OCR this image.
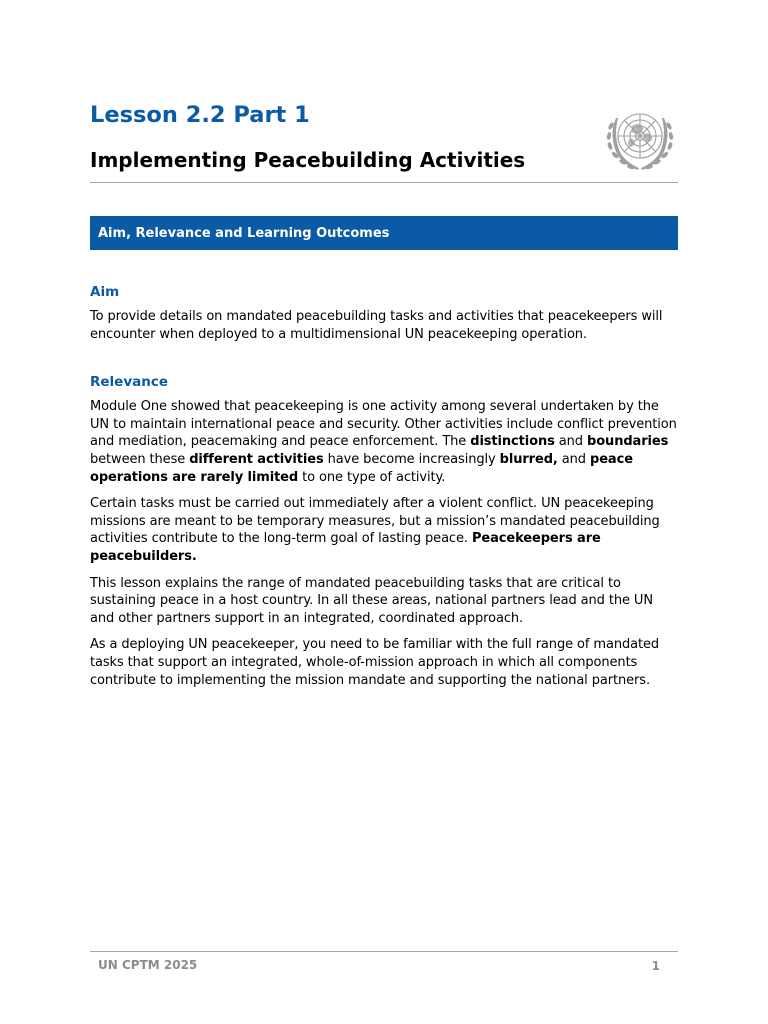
Lesson 2.2 Part 1
Implementing Peacebuilding Activities
Aim, Relevance and Learning Outcomes
Aim

To provide details on mandated peacebuilding tasks and activities that peacekeepers will encounter when deployed to a multidimensional UN peacekeeping operation.

Relevance

Module One showed that peacekeeping is one activity among several undertaken by the UN to maintain international peace and security. Other activities include conflict prevention and mediation, peacemaking and peace enforcement. The distinctions and boundaries between these different activities have become increasingly blurred, and peace operations are rarely limited to one type of activity.

Certain tasks must be carried out immediately after a violent conflict. UN peacekeeping missions are meant to be temporary measures, but a mission’s mandated peacebuilding activities contribute to the long-term goal of lasting peace. Peacekeepers are peacebuilders.

This lesson explains the range of mandated peacebuilding tasks that are critical to sustaining peace in a host country. In all these areas, national partners lead and the UN and other partners support in an integrated, coordinated approach.

As a deploying UN peacekeeper, you need to be familiar with the full range of mandated tasks that support an integrated, whole-of-mission approach in which all components contribute to implementing the mission mandate and supporting the national partners.

UN CPTM 2025	1
